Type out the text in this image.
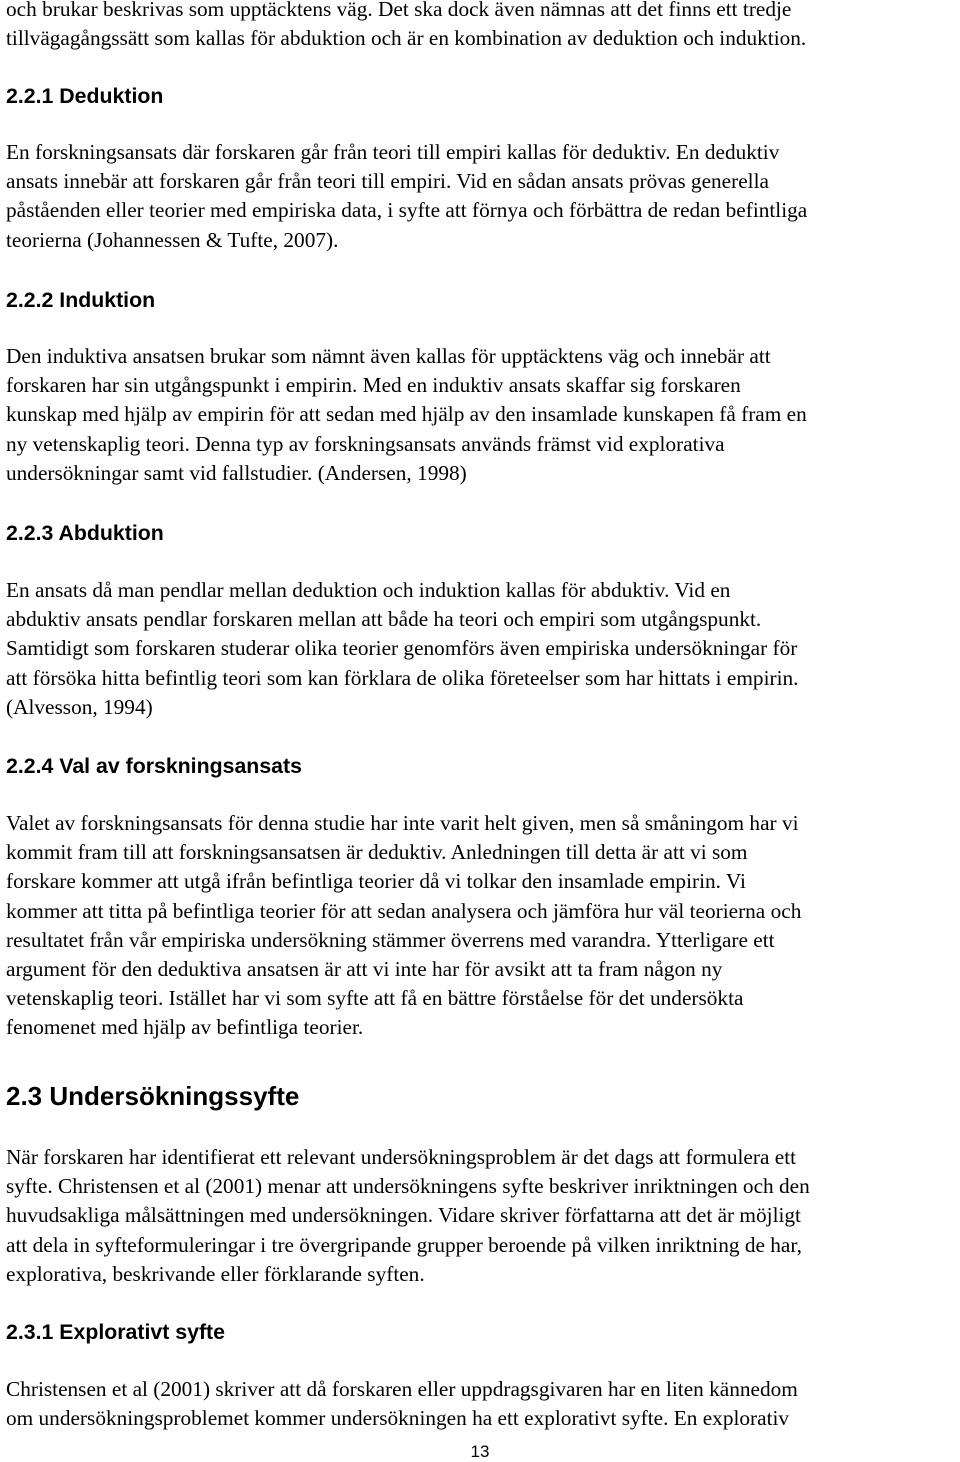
och brukar beskrivas som upptäcktens väg. Det ska dock även nämnas att det finns ett tredje
tillvägagångssätt som kallas för abduktion och är en kombination av deduktion och induktion.
2.2.1 Deduktion
En forskningsansats där forskaren går från teori till empiri kallas för deduktiv. En deduktiv
ansats innebär att forskaren går från teori till empiri. Vid en sådan ansats prövas generella
påståenden eller teorier med empiriska data, i syfte att förnya och förbättra de redan befintliga
teorierna (Johannessen & Tufte, 2007).
2.2.2 Induktion
Den induktiva ansatsen brukar som nämnt även kallas för upptäcktens väg och innebär att
forskaren har sin utgångspunkt i empirin. Med en induktiv ansats skaffar sig forskaren
kunskap med hjälp av empirin för att sedan med hjälp av den insamlade kunskapen få fram en
ny vetenskaplig teori. Denna typ av forskningsansats används främst vid explorativa
undersökningar samt vid fallstudier. (Andersen, 1998)
2.2.3 Abduktion
En ansats då man pendlar mellan deduktion och induktion kallas för abduktiv. Vid en
abduktiv ansats pendlar forskaren mellan att både ha teori och empiri som utgångspunkt.
Samtidigt som forskaren studerar olika teorier genomförs även empiriska undersökningar för
att försöka hitta befintlig teori som kan förklara de olika företeelser som har hittats i empirin.
(Alvesson, 1994)
2.2.4 Val av forskningsansats
Valet av forskningsansats för denna studie har inte varit helt given, men så småningom har vi
kommit fram till att forskningsansatsen är deduktiv. Anledningen till detta är att vi som
forskare kommer att utgå ifrån befintliga teorier då vi tolkar den insamlade empirin. Vi
kommer att titta på befintliga teorier för att sedan analysera och jämföra hur väl teorierna och
resultatet från vår empiriska undersökning stämmer överrens med varandra. Ytterligare ett
argument för den deduktiva ansatsen är att vi inte har för avsikt att ta fram någon ny
vetenskaplig teori. Istället har vi som syfte att få en bättre förståelse för det undersökta
fenomenet med hjälp av befintliga teorier.
2.3 Undersökningssyfte
När forskaren har identifierat ett relevant undersökningsproblem är det dags att formulera ett
syfte. Christensen et al (2001) menar att undersökningens syfte beskriver inriktningen och den
huvudsakliga målsättningen med undersökningen. Vidare skriver författarna att det är möjligt
att dela in syfteformuleringar i tre övergripande grupper beroende på vilken inriktning de har,
explorativa, beskrivande eller förklarande syften.
2.3.1 Explorativt syfte
Christensen et al (2001) skriver att då forskaren eller uppdragsgivaren har en liten kännedom
om undersökningsproblemet kommer undersökningen ha ett explorativt syfte. En explorativ
13
